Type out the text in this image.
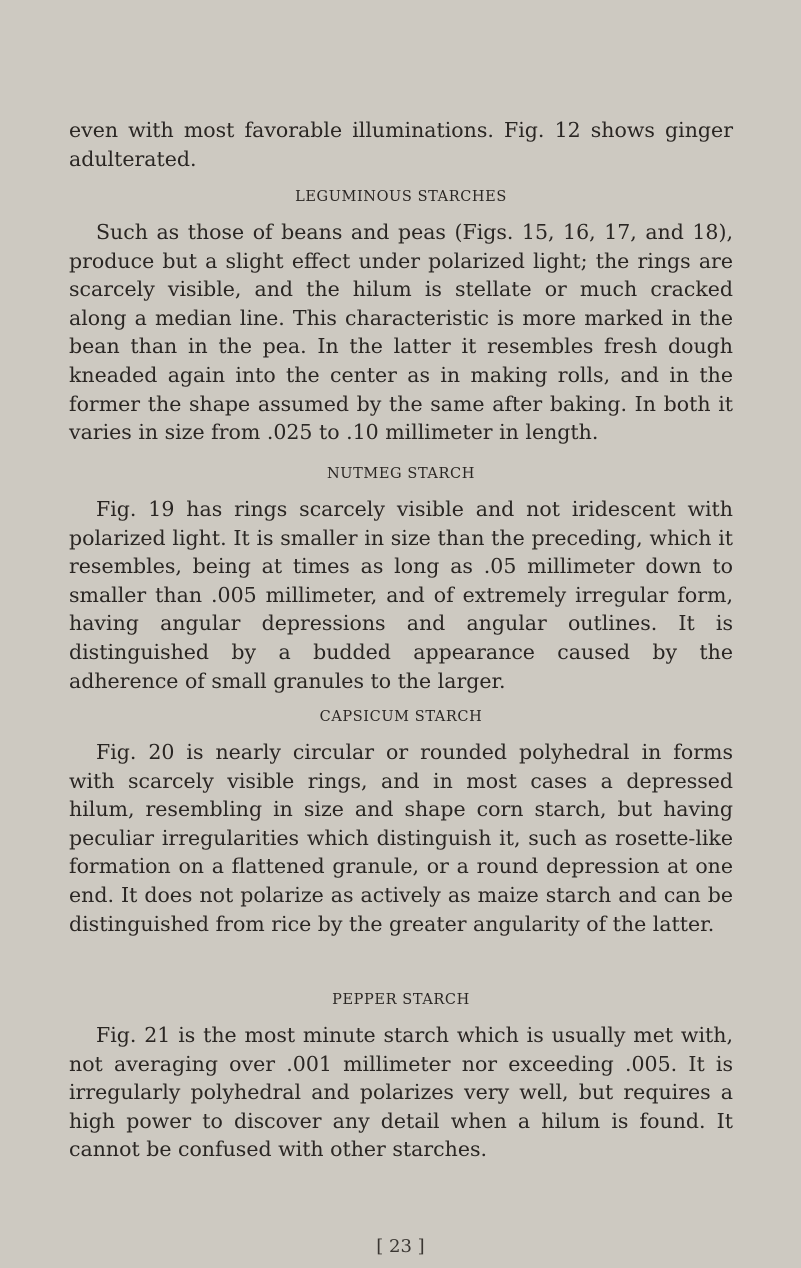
even with most favorable illuminations. Fig. 12 shows ginger adulterated.

LEGUMINOUS STARCHES

Such as those of beans and peas (Figs. 15, 16, 17, and 18), produce but a slight effect under polarized light; the rings are scarcely visible, and the hilum is stellate or much cracked along a median line. This characteristic is more marked in the bean than in the pea. In the latter it resembles fresh dough kneaded again into the center as in making rolls, and in the former the shape assumed by the same after baking. In both it varies in size from .025 to .10 millimeter in length.

NUTMEG STARCH

Fig. 19 has rings scarcely visible and not iridescent with polarized light. It is smaller in size than the preceding, which it resembles, being at times as long as .05 millimeter down to smaller than .005 millimeter, and of extremely irregular form, having angular depressions and angular outlines. It is distinguished by a budded appearance caused by the adherence of small granules to the larger.

CAPSICUM STARCH

Fig. 20 is nearly circular or rounded polyhedral in forms with scarcely visible rings, and in most cases a depressed hilum, resembling in size and shape corn starch, but having peculiar irregularities which distinguish it, such as rosette-like formation on a flattened granule, or a round depression at one end. It does not polarize as actively as maize starch and can be distinguished from rice by the greater angularity of the latter.

PEPPER STARCH

Fig. 21 is the most minute starch which is usually met with, not averaging over .001 millimeter nor exceeding .005. It is irregularly polyhedral and polarizes very well, but requires a high power to discover any detail when a hilum is found. It cannot be confused with other starches.

[ 23 ]
